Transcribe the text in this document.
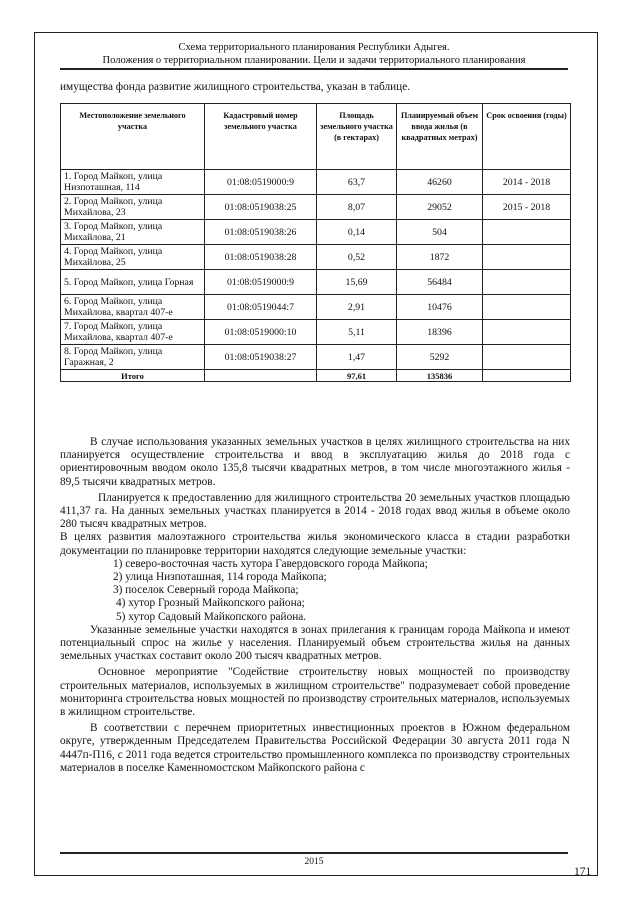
Схема территориального планирования Республики Адыгея.
Положения о территориальном планировании. Цели и задачи территориального планирования
имущества фонда развитие жилищного строительства, указан в таблице.
Местоположение земельного участка	Кадастровый номер земельного участка	Площадь земельного участка (в гектарах)	Планируемый объем ввода жилья (в квадратных метрах)	Срок освоения (годы)
1. Город Майкоп, улица Низпоташная, 114	01:08:0519000:9	63,7	46260	2014 - 2018
2. Город Майкоп, улица Михайлова, 23	01:08:0519038:25	8,07	29052	2015 - 2018
3. Город Майкоп, улица Михайлова, 21	01:08:0519038:26	0,14	504	
4. Город Майкоп, улица Михайлова, 25	01:08:0519038:28	0,52	1872	
5. Город Майкоп, улица Горная	01:08:0519000:9	15,69	56484	
6. Город Майкоп, улица Михайлова, квартал 407-е	01:08:0519044:7	2,91	10476	
7. Город Майкоп, улица Михайлова, квартал 407-е	01:08:0519000:10	5,11	18396	
8. Город Майкоп, улица Гаражная, 2	01:08:0519038:27	1,47	5292	
Итого		97,61	135836	

В случае использования указанных земельных участков в целях жилищного строительства на них планируется осуществление строительства и ввод в эксплуатацию жилья до 2018 года с ориентировочным вводом около 135,8 тысячи квадратных метров, в том числе многоэтажного жилья - 89,5 тысячи квадратных метров.

Планируется к предоставлению для жилищного строительства 20 земельных участков площадью 411,37 га. На данных земельных участках планируется в 2014 - 2018 годах ввод жилья в объеме около 280 тысяч квадратных метров.

В целях развития малоэтажного строительства жилья экономического класса в стадии разработки документации по планировке территории находятся следующие земельные участки:

1) северо-восточная часть хутора Гавердовского города Майкопа;

2) улица Низпоташная, 114 города Майкопа;

3) поселок Северный города Майкопа;

4) хутор Грозный Майкопского района;

5) хутор Садовый Майкопского района.

Указанные земельные участки находятся в зонах прилегания к границам города Майкопа и имеют потенциальный спрос на жилье у населения. Планируемый объем строительства жилья на данных земельных участках составит около 200 тысяч квадратных метров.

Основное мероприятие "Содействие строительству новых мощностей по производству строительных материалов, используемых в жилищном строительстве" подразумевает собой проведение мониторинга строительства новых мощностей по производству строительных материалов, используемых в жилищном строительстве.

В соответствии с перечнем приоритетных инвестиционных проектов в Южном федеральном округе, утвержденным Председателем Правительства Российской Федерации 30 августа 2011 года N 4447п-П16, с 2011 года ведется строительство промышленного комплекса по производству строительных материалов в поселке Каменномостском Майкопского района с

2015
171
